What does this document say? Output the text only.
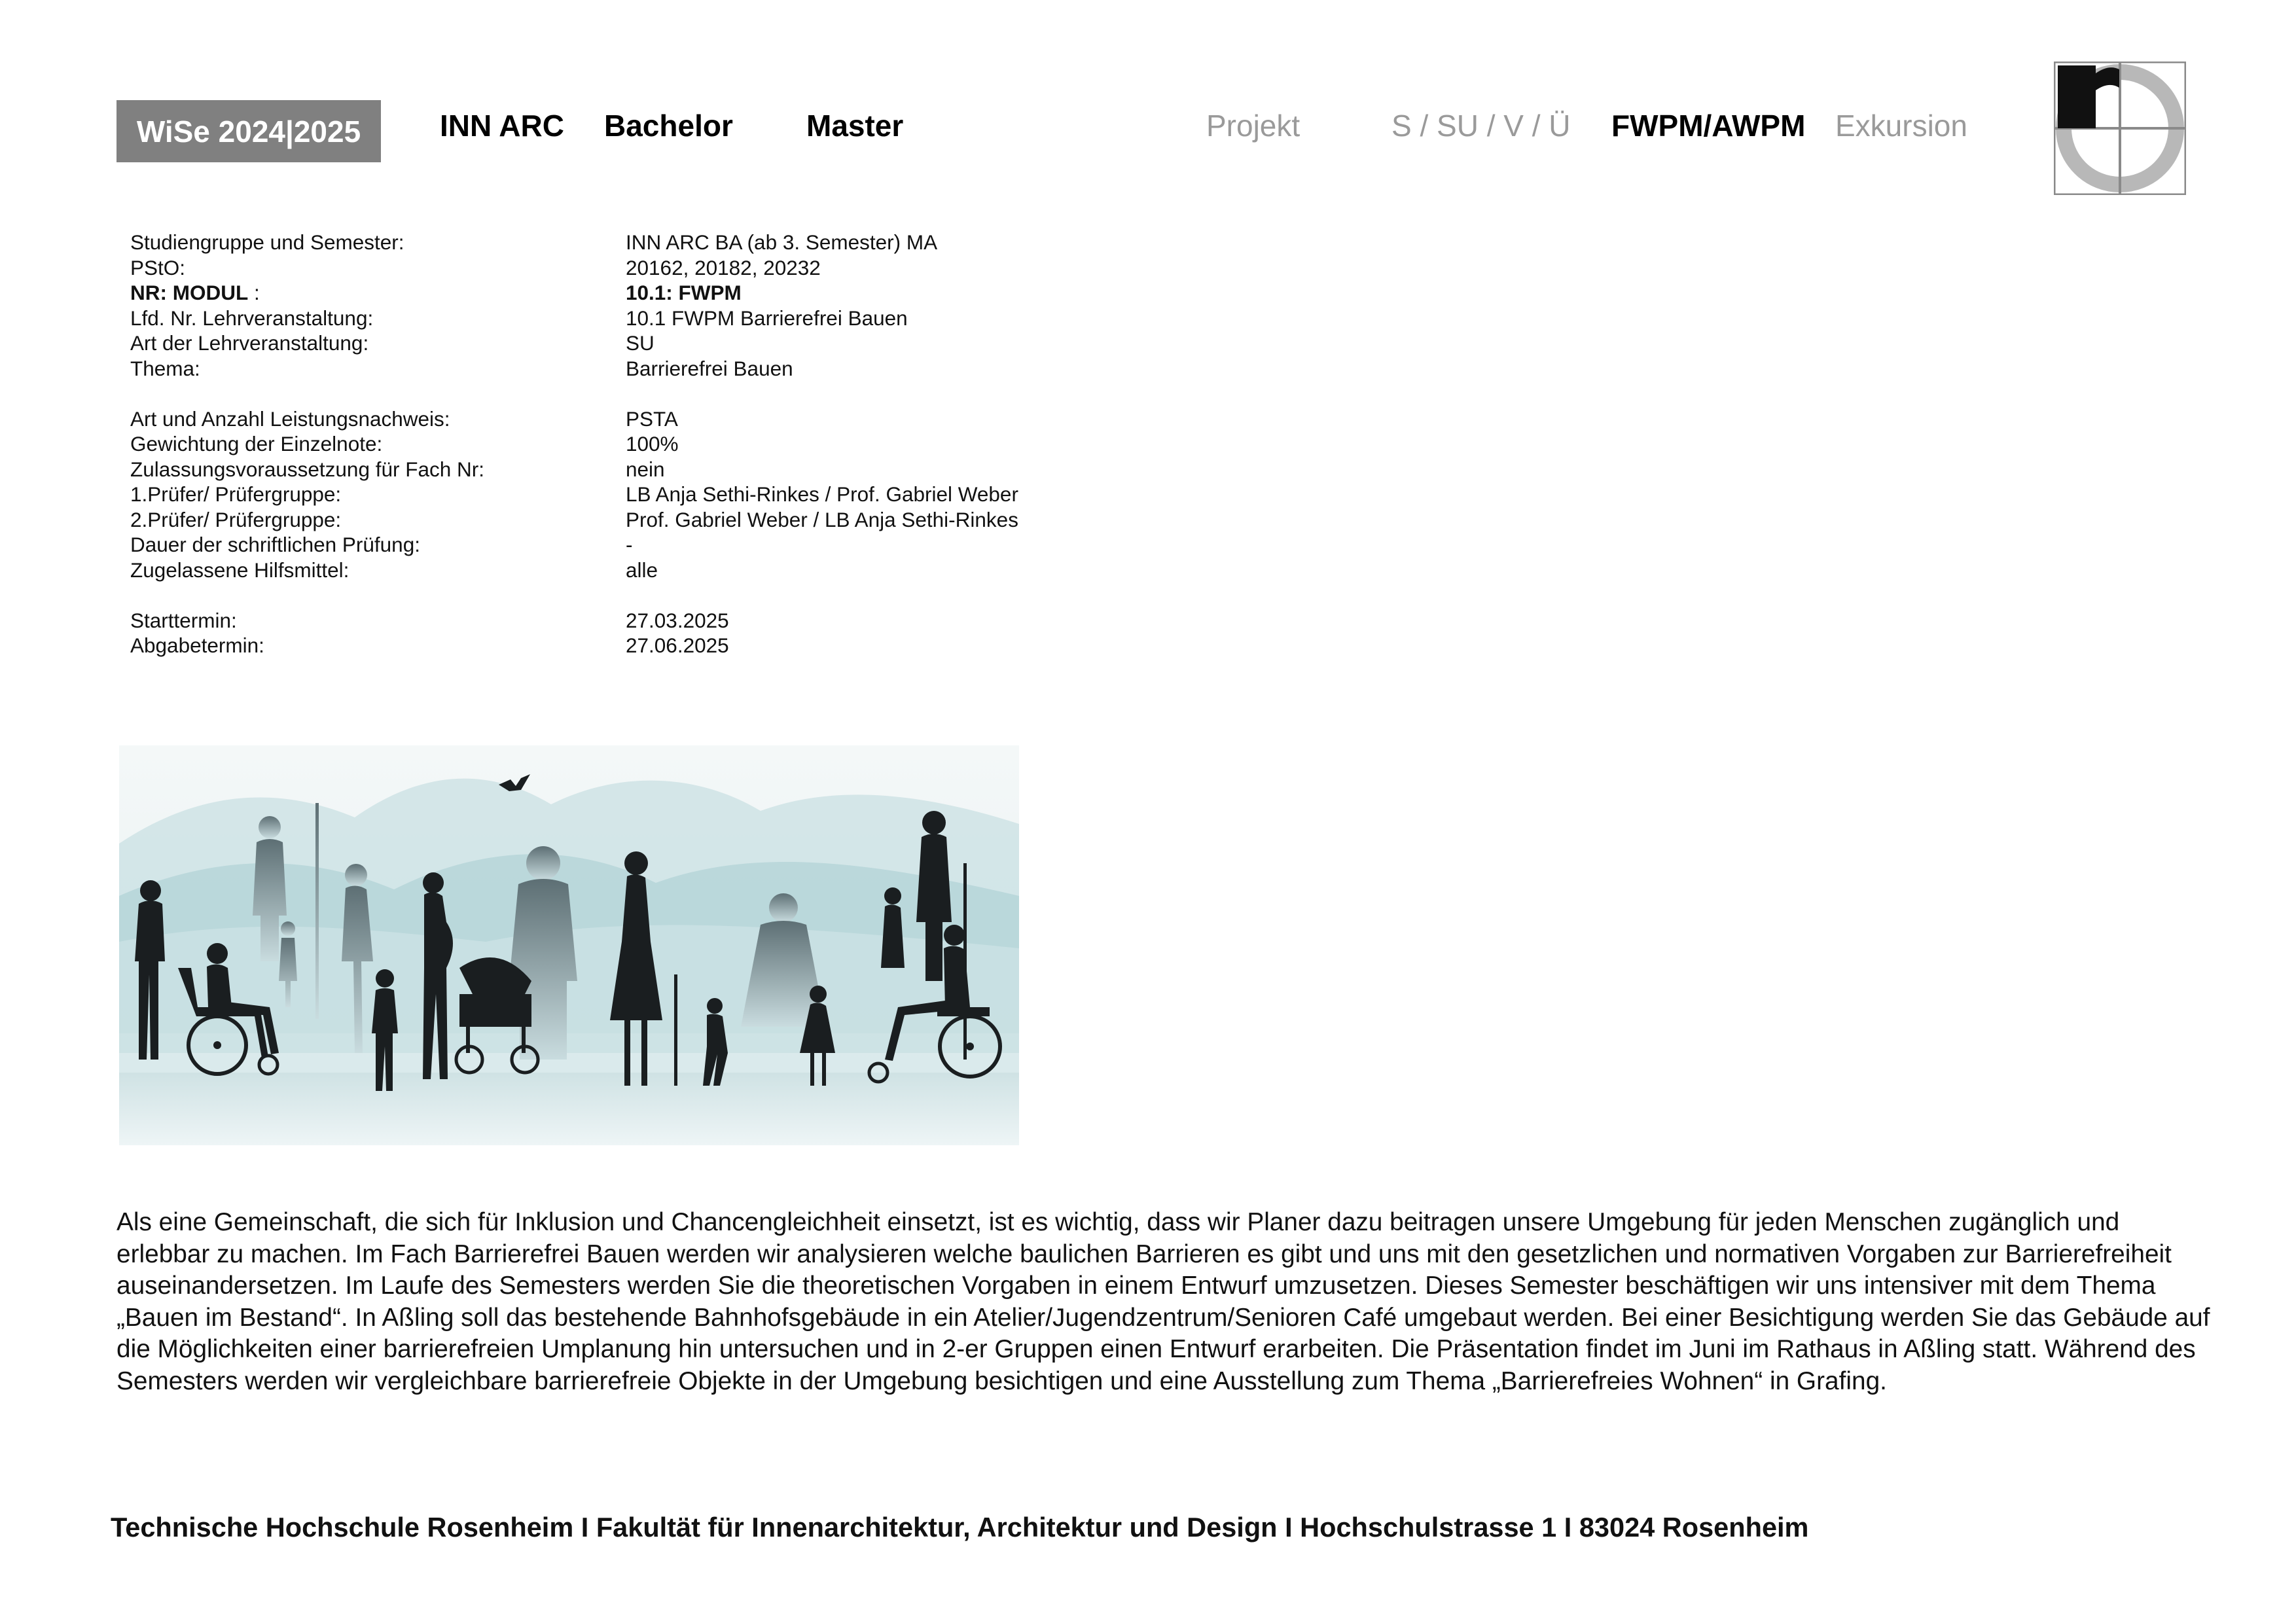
WiSe 2024|2025	INN ARC Bachelor Master	Projekt	S / SU / V / Ü FWPM/AWPM Exkursion
Studiengruppe und Semester:	INN ARC BA (ab 3. Semester) MA
PStO:	20162, 20182, 20232
NR: MODUL :	10.1: FWPM
Lfd. Nr. Lehrveranstaltung:	10.1 FWPM Barrierefrei Bauen
Art der Lehrveranstaltung:	SU
Thema:	Barrierefrei Bauen
Art und Anzahl Leistungsnachweis:	PSTA
Gewichtung der Einzelnote:	100%
Zulassungsvoraussetzung für Fach Nr:	nein
1.Prüfer/ Prüfergruppe:	LB Anja Sethi-Rinkes / Prof. Gabriel Weber
2.Prüfer/ Prüfergruppe:	Prof. Gabriel Weber / LB Anja Sethi-Rinkes
Dauer der schriftlichen Prüfung:	-
Zugelassene Hilfsmittel:	alle
Starttermin:	27.03.2025
Abgabetermin:	27.06.2025
Als eine Gemeinschaft, die sich für Inklusion und Chancengleichheit einsetzt, ist es wichtig, dass wir Planer dazu beitragen unsere Umgebung für jeden Menschen zugänglich und erlebbar zu machen. Im Fach Barrierefrei Bauen werden wir analysieren welche baulichen Barrieren es gibt und uns mit den gesetzlichen und normativen Vorgaben zur Barrierefreiheit auseinandersetzen. Im Laufe des Semesters werden Sie die theoretischen Vorgaben in einem Entwurf umzusetzen. Dieses Semester beschäftigen wir uns intensiver mit dem Thema „Bauen im Bestand“. In Aßling soll das bestehende Bahnhofsgebäude in ein Atelier/Jugendzentrum/Senioren Café umgebaut werden. Bei einer Besichtigung werden Sie das Gebäude auf die Möglichkeiten einer barrierefreien Umplanung hin untersuchen und in 2-er Gruppen einen Entwurf erarbeiten. Die Präsentation findet im Juni im Rathaus in Aßling statt. Während des Semesters werden wir vergleichbare barrierefreie Objekte in der Umgebung besichtigen und eine Ausstellung zum Thema „Barrierefreies Wohnen“ in Grafing.
Technische Hochschule Rosenheim I Fakultät für Innenarchitektur, Architektur und Design I Hochschulstrasse 1 I 83024 Rosenheim
